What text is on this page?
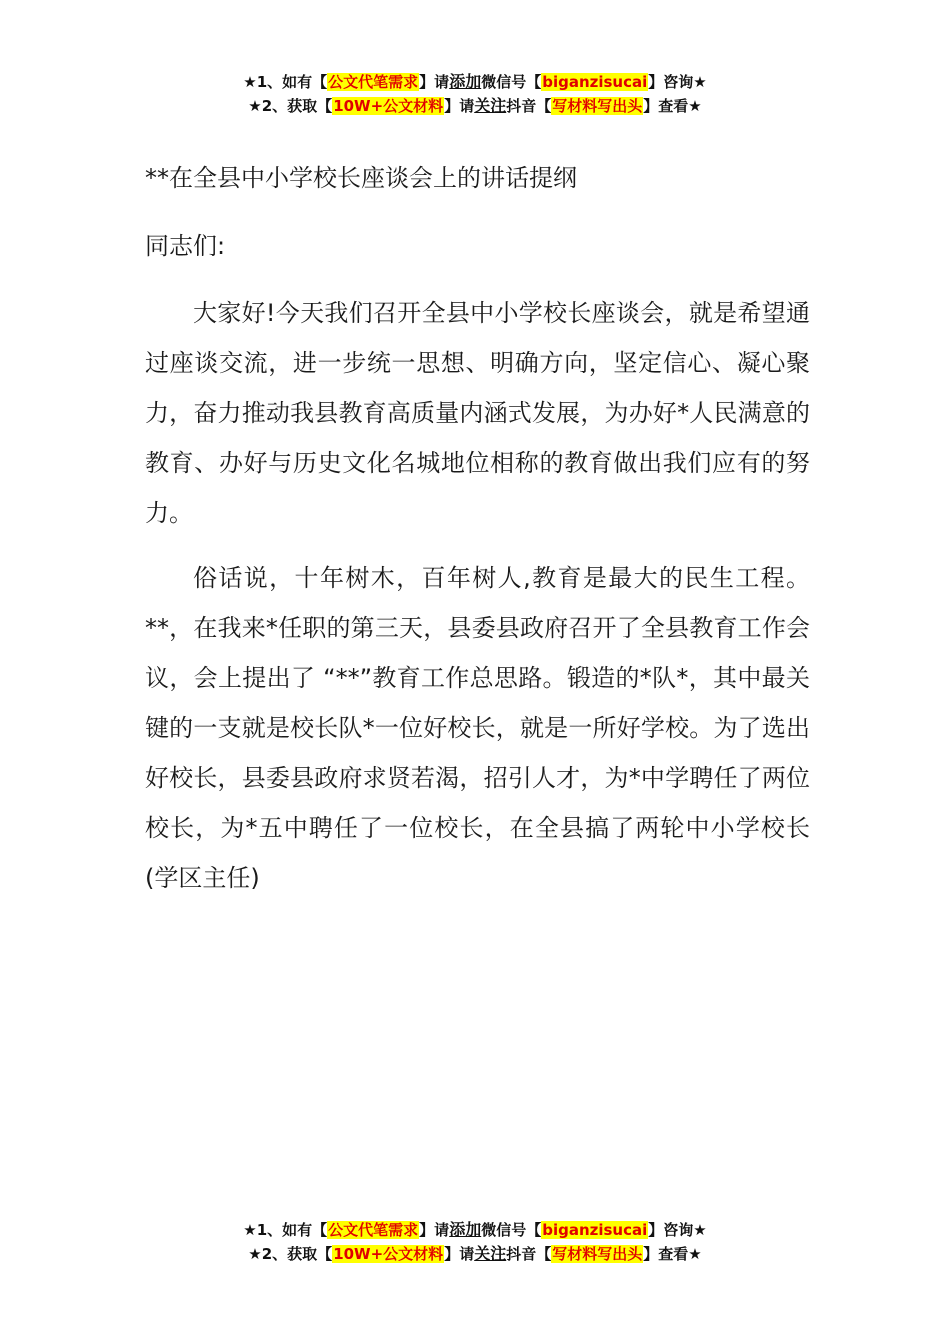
★1、如有【公文代笔需求】请添加微信号【biganzisucai】咨询★
★2、获取【10W+公文材料】请关注抖音【写材料写出头】查看★
**在全县中小学校长座谈会上的讲话提纲
同志们:

大家好!今天我们召开全县中小学校长座谈会，就是希望通过座谈交流，进一步统一思想、明确方向，坚定信心、凝心聚力，奋力推动我县教育高质量内涵式发展，为办好*人民满意的教育、办好与历史文化名城地位相称的教育做出我们应有的努力。

俗话说，十年树木，百年树人,教育是最大的民生工程。**，在我来*任职的第三天，县委县政府召开了全县教育工作会议，会上提出了 “**”教育工作总思路。锻造的*队*，其中最关键的一支就是校长队*一位好校长，就是一所好学校。为了选出好校长，县委县政府求贤若渴，招引人才，为*中学聘任了两位校长，为*五中聘任了一位校长，在全县搞了两轮中小学校长(学区主任)

★1、如有【公文代笔需求】请添加微信号【biganzisucai】咨询★
★2、获取【10W+公文材料】请关注抖音【写材料写出头】查看★
